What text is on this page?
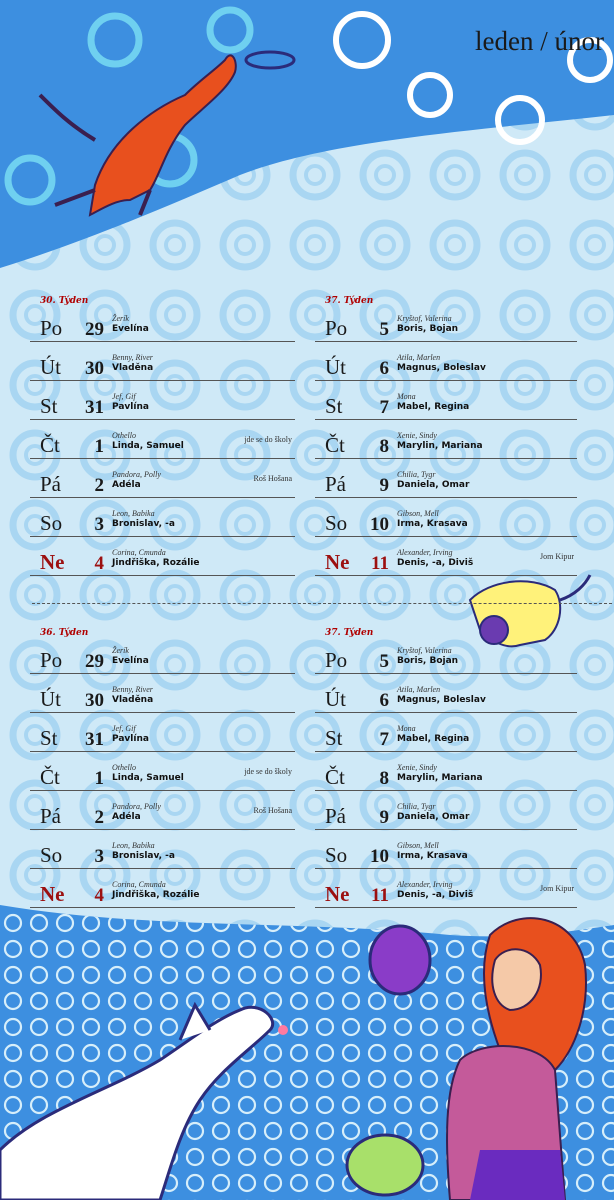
leden / únor
30. Týden
Po	29
Žerík
Evelína
Út	30
Benny, River
Vladěna
St	31
Jef, Gif
Pavlína
Čt	1
Othello
Linda, Samuel
jde se do školy
Pá	2
Pandora, Polly
Adéla
Roš Hošana
So	3
Leon, Babika
Bronislav, -a
Ne	4
Corina, Cmunda
Jindřiška, Rozálie
37. Týden
Po	5
Kryštof, Valerina
Boris, Bojan
Út	6
Atila, Marlen
Magnus, Boleslav
St	7
Mona
Mabel, Regina
Čt	8
Xenie, Sindy
Marylin, Mariana
Pá	9
Chilia, Tygr
Daniela, Omar
So	10
Gibson, Mell
Irma, Krasava
Ne	11
Alexander, Irving
Denis, -a, Diviš
Jom Kipur
36. Týden
Po	29
Žerík
Evelína
Út	30
Benny, River
Vladěna
St	31
Jef, Gif
Pavlína
Čt	1
Othello
Linda, Samuel
jde se do školy
Pá	2
Pandora, Polly
Adéla
Roš Hošana
So	3
Leon, Babika
Bronislav, -a
Ne	4
Corina, Cmunda
Jindřiška, Rozálie
37. Týden
Po	5
Kryštof, Valerina
Boris, Bojan
Út	6
Atila, Marlen
Magnus, Boleslav
St	7
Mona
Mabel, Regina
Čt	8
Xenie, Sindy
Marylin, Mariana
Pá	9
Chilia, Tygr
Daniela, Omar
So	10
Gibson, Mell
Irma, Krasava
Ne	11
Alexander, Irving
Denis, -a, Diviš
Jom Kipur
